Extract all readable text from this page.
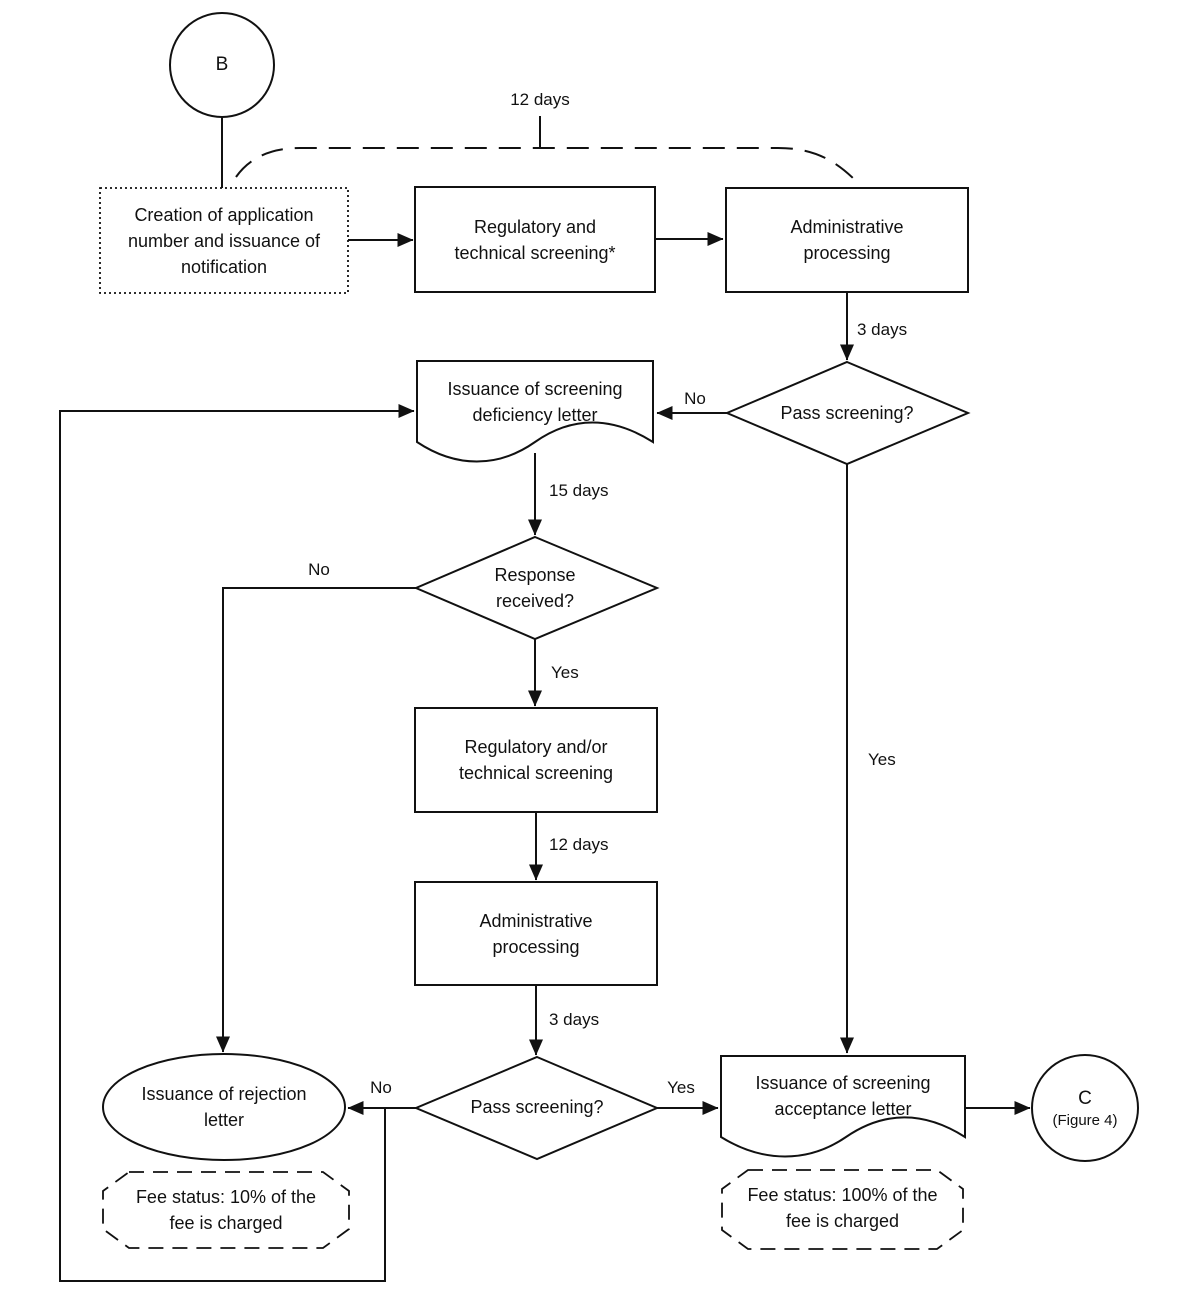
B
Creation of application
number and issuance of
notification
Regulatory and
technical screening*
Administrative
processing
Pass screening?
Issuance of screening
deficiency letter
Response
received?
Regulatory and/or
technical screening
Administrative
processing
Pass screening?
Issuance of rejection
letter
Issuance of screening
acceptance letter
C
(Figure 4)
Fee status: 10% of the
fee is charged
Fee status: 100% of the
fee is charged
12 days
3 days
No
15 days
No
Yes
12 days
3 days
No	Yes
Yes
